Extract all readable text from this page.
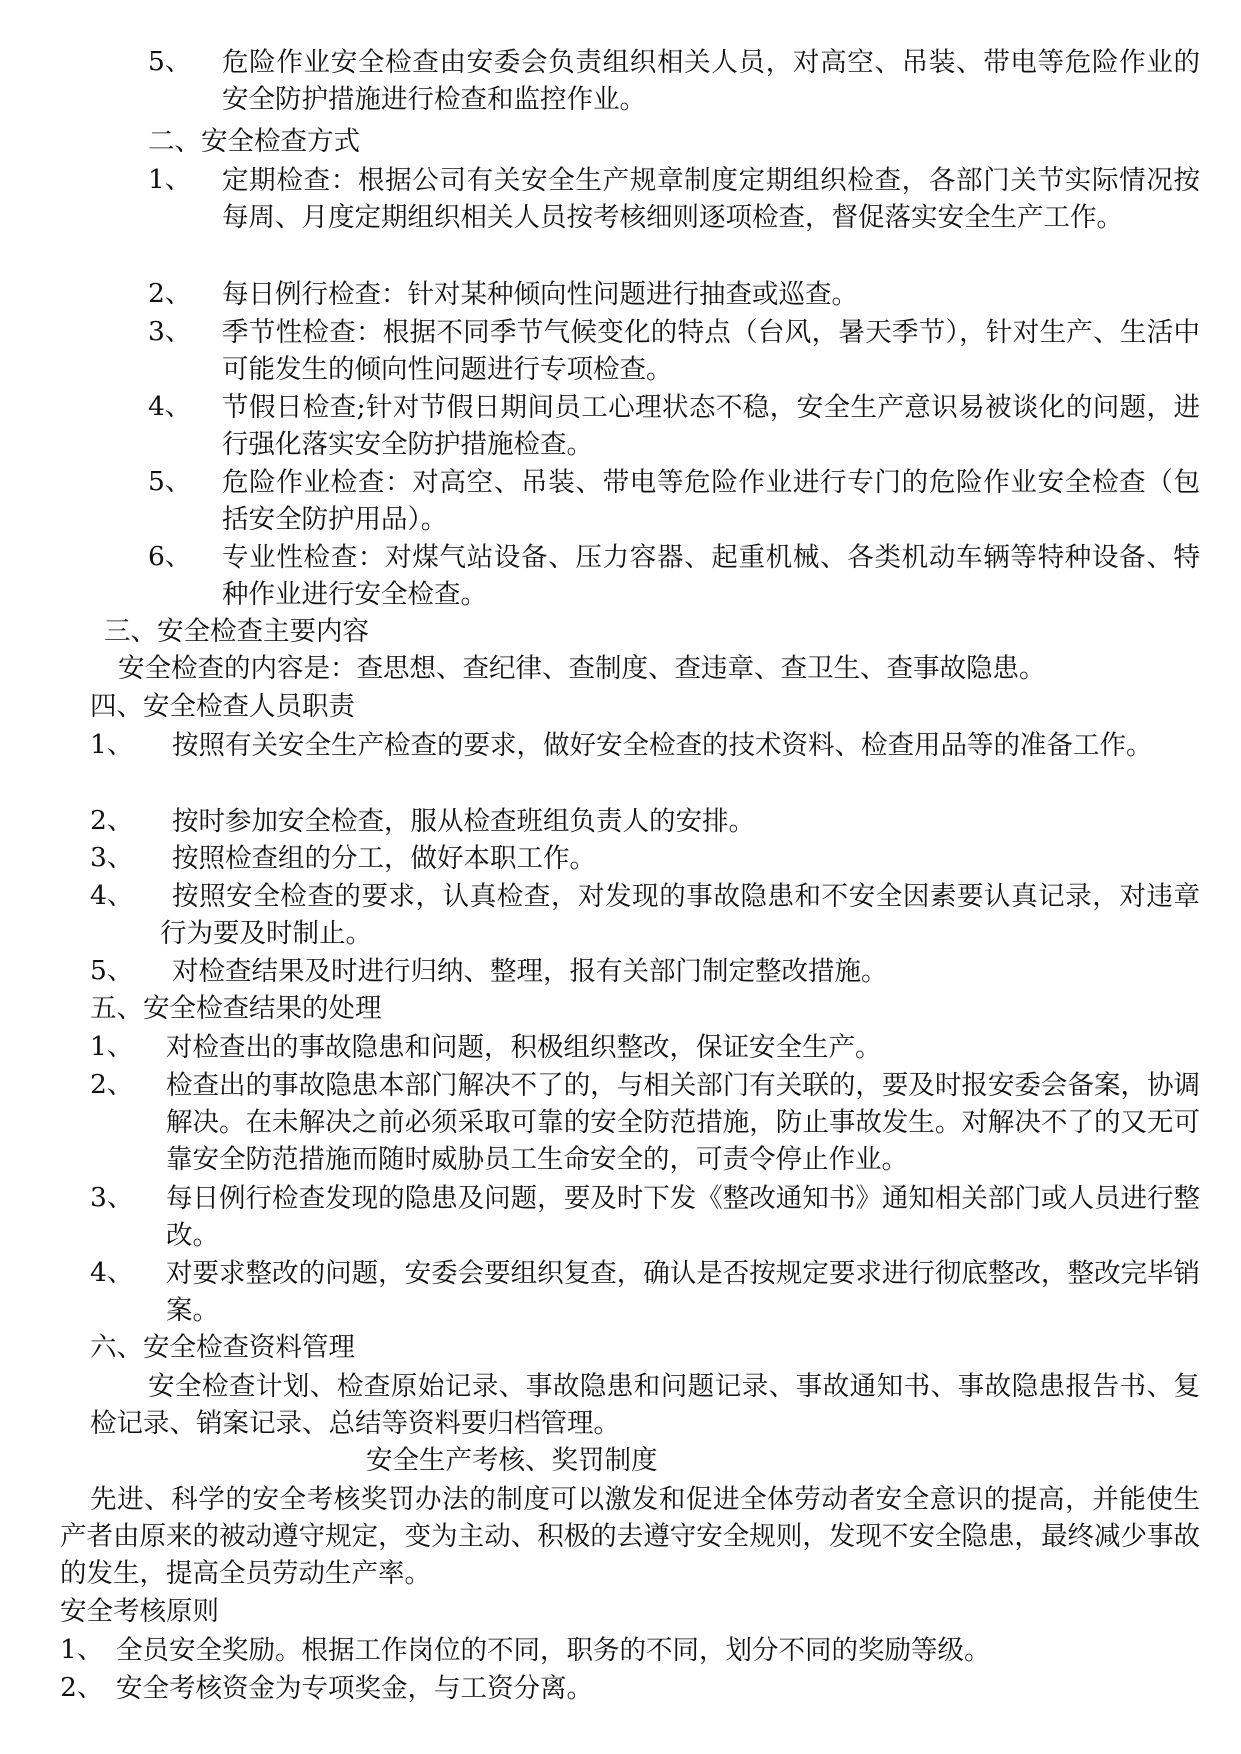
5、 危险作业安全检查由安委会负责组织相关人员，对高空、吊装、带电等危险作业的安全防护措施进行检查和监控作业。
二、安全检查方式
1、 定期检查：根据公司有关安全生产规章制度定期组织检查，各部门关节实际情况按每周、月度定期组织相关人员按考核细则逐项检查，督促落实安全生产工作。
2、 每日例行检查：针对某种倾向性问题进行抽查或巡查。
3、 季节性检查：根据不同季节气候变化的特点（台风，暑天季节），针对生产、生活中可能发生的倾向性问题进行专项检查。
4、 节假日检查;针对节假日期间员工心理状态不稳，安全生产意识易被谈化的问题，进行强化落实安全防护措施检查。
5、 危险作业检查：对高空、吊装、带电等危险作业进行专门的危险作业安全检查（包括安全防护用品）。
6、 专业性检查：对煤气站设备、压力容器、起重机械、各类机动车辆等特种设备、特种作业进行安全检查。
三、安全检查主要内容
安全检查的内容是：查思想、查纪律、查制度、查违章、查卫生、查事故隐患。
四、安全检查人员职责
1、	按照有关安全生产检查的要求，做好安全检查的技术资料、检查用品等的准备工作。
2、 按时参加安全检查，服从检查班组负责人的安排。
3、 按照检查组的分工，做好本职工作。
4、	按照安全检查的要求，认真检查，对发现的事故隐患和不安全因素要认真记录，对违章行为要及时制止。
5、 对检查结果及时进行归纳、整理，报有关部门制定整改措施。
五、安全检查结果的处理
1、 对检查出的事故隐患和问题，积极组织整改，保证安全生产。
2、 检查出的事故隐患本部门解决不了的，与相关部门有关联的，要及时报安委会备案，协调解决。在未解决之前必须采取可靠的安全防范措施，防止事故发生。对解决不了的又无可靠安全防范措施而随时威胁员工生命安全的，可责令停止作业。
3、 每日例行检查发现的隐患及问题，要及时下发《整改通知书》通知相关部门或人员进行整改。
4、 对要求整改的问题，安委会要组织复查，确认是否按规定要求进行彻底整改，整改完毕销案。
六、安全检查资料管理
安全检查计划、检查原始记录、事故隐患和问题记录、事故通知书、事故隐患报告书、复检记录、销案记录、总结等资料要归档管理。
安全生产考核、奖罚制度
先进、科学的安全考核奖罚办法的制度可以激发和促进全体劳动者安全意识的提高，并能使生产者由原来的被动遵守规定，变为主动、积极的去遵守安全规则，发现不安全隐患，最终减少事故的发生，提高全员劳动生产率。
安全考核原则
1、 全员安全奖励。根据工作岗位的不同，职务的不同，划分不同的奖励等级。
2、 安全考核资金为专项奖金，与工资分离。
